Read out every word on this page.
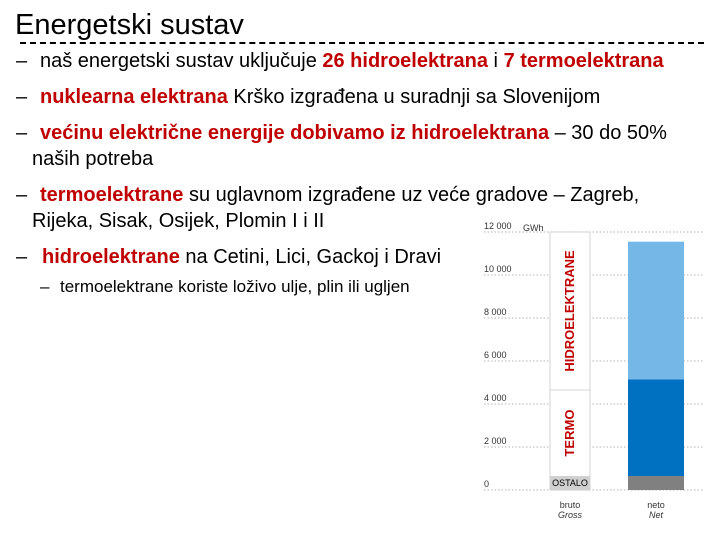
Energetski sustav
– naš energetski sustav uključuje 26 hidroelektrana i 7 termoelektrana
– nuklearna elektrana Krško izgrađena u suradnji sa Slovenijom
– većinu električne energije dobivamo iz hidroelektrana – 30 do 50%
naših potreba
– termoelektrane su uglavnom izgrađene uz veće gradove – Zagreb,
Rijeka, Sisak, Osijek, Plomin I i II
– hidroelektrane na Cetini, Lici, Gackoj i Dravi
– termoelektrane koriste loživo ulje, plin ili ugljen
0
2 000
4 000
6 000
8 000
10 000
12 000 GWh
OSTALO
HIDROELEKTRANE
TERMO
bruto
Gross
neto
Net
